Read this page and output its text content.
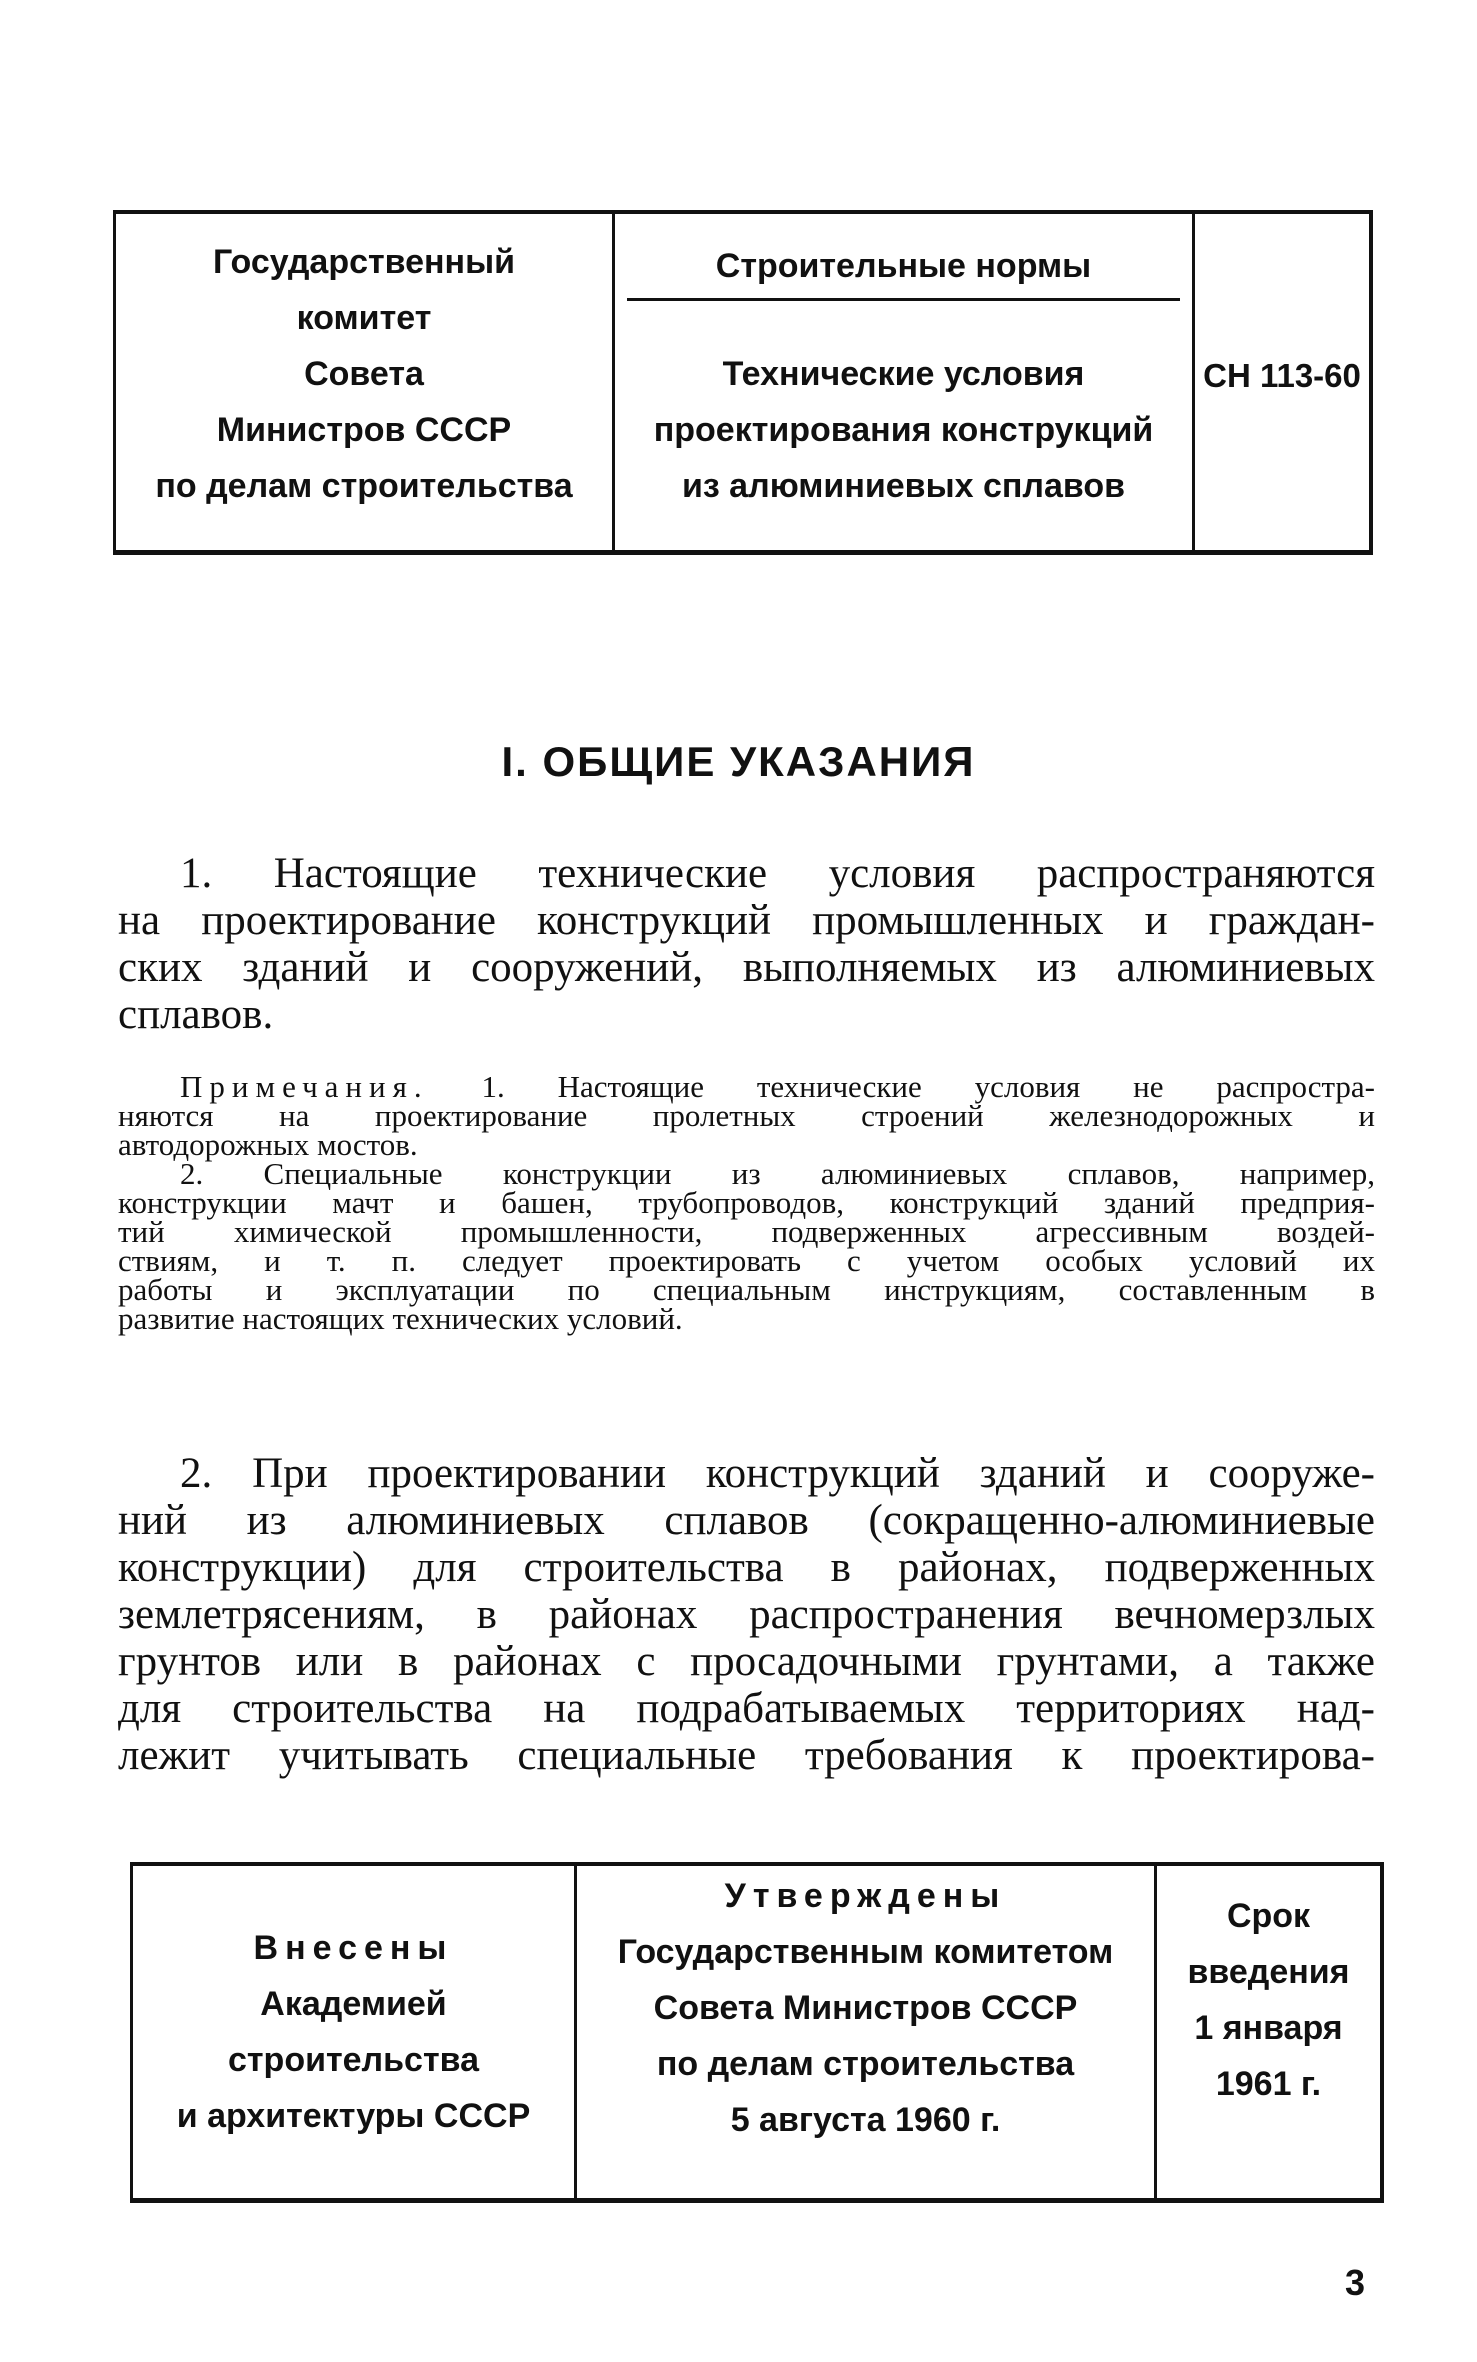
Государственный
комитет
Совета
Министров СССР
по делам строительства
Строительные нормы
Технические условия
проектирования конструкций
из алюминиевых сплавов
СН 113-60
I. ОБЩИЕ УКАЗАНИЯ
1. Настоящие технические условия распространяются
на проектирование конструкций промышленных и граждан-
ских зданий и сооружений, выполняемых из алюминиевых
сплавов.
Примечания. 1. Настоящие технические условия не распростра-
няются на проектирование пролетных строений железнодорожных и
автодорожных мостов.
2. Специальные конструкции из алюминиевых сплавов, например,
конструкции мачт и башен, трубопроводов, конструкций зданий предприя-
тий химической промышленности, подверженных агрессивным воздей-
ствиям, и т. п. следует проектировать с учетом особых условий их
работы и эксплуатации по специальным инструкциям, составленным в
развитие настоящих технических условий.
2. При проектировании конструкций зданий и сооруже-
ний из алюминиевых сплавов (сокращенно-алюминиевые
конструкции) для строительства в районах, подверженных
землетрясениям, в районах распространения вечномерзлых
грунтов или в районах с просадочными грунтами, а также
для строительства на подрабатываемых территориях над-
лежит учитывать специальные требования к проектирова-
Внесены
Академией
строительства
и архитектуры СССР
Утверждены
Государственным комитетом
Совета Министров СССР
по делам строительства
5 августа 1960 г.
Срок
введения
1 января
1961 г.
3
